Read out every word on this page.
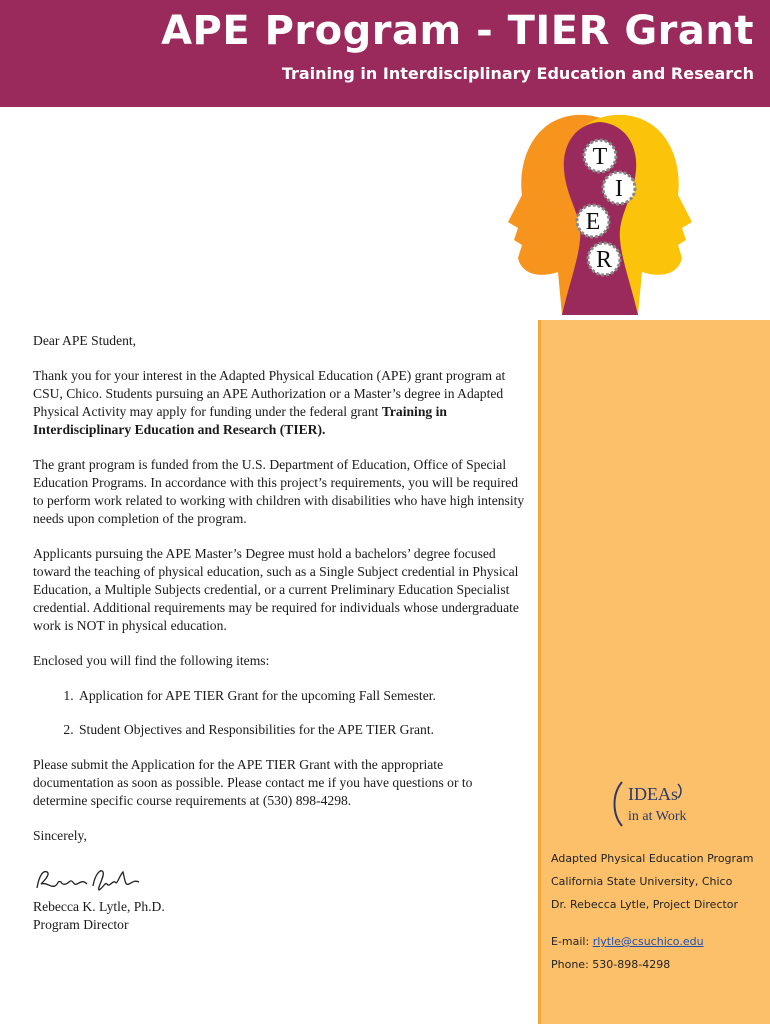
APE Program - TIER Grant
Training in Interdisciplinary Education and Research
T
I
E
R

Dear APE Student,

Thank you for your interest in the Adapted Physical Education (APE) grant program at CSU, Chico. Students pursuing an APE Authorization or a Master’s degree in Adapted Physical Activity may apply for funding under the federal grant Training in Interdisciplinary Education and Research (TIER).

The grant program is funded from the U.S. Department of Education, Office of Special Education Programs. In accordance with this project’s requirements, you will be required to perform work related to working with children with disabilities who have high intensity needs upon completion of the program.

Applicants pursuing the APE Master’s Degree must hold a bachelors’ degree focused toward the teaching of physical education, such as a Single Subject credential in Physical Education, a Multiple Subjects credential, or a current Preliminary Education Specialist credential. Additional requirements may be required for individuals whose undergraduate work is NOT in physical education.

Enclosed you will find the following items:

1. Application for APE TIER Grant for the upcoming Fall Semester.
2. Student Objectives and Responsibilities for the APE TIER Grant.

Please submit the Application for the APE TIER Grant with the appropriate documentation as soon as possible. Please contact me if you have questions or to determine specific course requirements at (530) 898-4298.

Sincerely,

Rebecca K. Lytle, Ph.D.
Program Director
IDEAs
in at Work
Adapted Physical Education Program
California State University, Chico
Dr. Rebecca Lytle, Project Director
E-mail: rlytle@csuchico.edu
Phone: 530-898-4298
